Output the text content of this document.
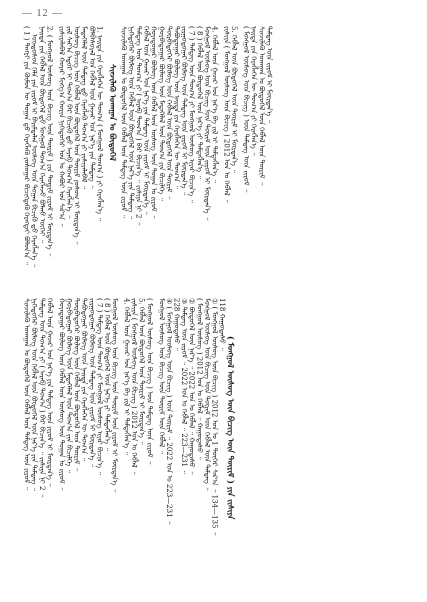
— 12 —
( 1 ) ᠲᠡᠩᠷᠢ ᠶᠢᠨ ᠬᠦᠮᠦᠨ ᠦ ᠲᠣᠭᠠᠨ ᠳ᠋ᠤ ᠬᠡᠷᠡᠭᠯᠡᠬᠦ ᠶᠣᠰᠣᠭᠠᠷ ᠪᠢᠴᠢᠭᠳᠡᠬᠦ ᠬᠡᠷᠡᠭᠲᠡᠢ ᠪᠣᠯᠤᠨ᠎ᠠ ᠃ ᠦᠨᠳᠦᠰᠦᠨ ᠬᠡᠯᠡ ᠶᠢᠨ ᠵᠢᠷᠤᠮ ᠢ ᠪᠠᠷᠢᠮᠳᠠᠯᠠᠨ ᠦᠰᠦᠭ ᠦᠨ ᠲᠣᠭᠠᠨ ᠪᠢᠴᠢᠬᠦ ᠳ᠋ᠦ ᠬᠡᠷᠡᠭᠯᠡᠨ᠎ᠡ ᠃ ᠨᠡᠢᠲᠡ ᠶᠢᠨ ᠬᠡᠪᠯᠡᠯ ᠦᠨ ᠪᠦᠲᠦᠭᠡᠯ ᠳ᠋ᠦ ᠮᠣᠩᠭᠣᠯ ᠲᠣᠭ᠎ᠠ ᠬᠡᠷᠡᠭᠯᠡᠵᠦ ᠪᠣᠯᠬᠤ ᠦᠭᠡᠢ ᠃ 2. ( ᠮᠣᠩᠭᠣᠯ ᠦᠰᠦᠭ ᠦᠨ ᠪᠢᠴᠢᠭ ᠦᠨ ᠳᠦᠷᠢᠮ ) ᠶᠢᠨ ᠳᠦᠷᠢᠮ ᠵᠢᠷᠤᠮ ᠢ ᠮᠥᠷᠳᠡᠨ᠎ᠡ ᠃ ᠵᠢᠱᠢᠶᠡᠯᠡᠪᠡᠯ ᠬᠣᠶᠠᠷ ᠮᠢᠩᠭ᠎ᠠ ᠬᠣᠷᠢᠨ ᠨᠢᠭᠡᠳᠦᠭᠡᠷ ᠣᠨ ᠤ ᠬᠠᠪᠤᠷ ᠤᠨ ᠰᠠᠷ᠎ᠠ ᠃ ᠵᠢᠯ ᠰᠠᠷ᠎ᠠ ᠡᠳᠦᠷ ᠢ ᠲᠣᠭ᠎ᠠ ᠪᠠᠷ ᠪᠢᠴᠢᠬᠦ ᠳ᠋ᠦ ᠠᠷᠠᠪ ᠲᠣᠭ᠎ᠠ ᠬᠡᠷᠡᠭᠯᠡᠨ᠎ᠡ ᠃ ᠦᠰᠦᠭ ᠪᠢᠴᠢᠭ ᠦᠨ ᠬᠡᠪᠯᠡᠯ ᠦᠨ ᠪᠦᠲᠦᠭᠡᠯ ᠦᠨ ᠳᠦᠷᠢᠮ ᠶᠣᠰᠣᠭ ᠢ ᠮᠥᠷᠳᠡᠨ᠎ᠡ ᠃ ᠮᠡᠳᠡᠭᠡᠯᠡᠯ ᠦᠨ ᠲᠡᠮᠳᠡᠭ ᠳ᠋ᠦ ᠬᠡᠷᠡᠭᠯᠡᠬᠦ ᠲᠣᠭ᠎ᠠ ᠶᠢ ᠵᠢᠱᠢᠶᠡᠯᠡᠪᠡᠯ ᠃ ᠪᠣᠯᠪᠠᠰᠤᠷᠠᠯ ᠤᠨ ᠬᠡᠪᠯᠡᠯ ᠦᠨ ᠭᠠᠵᠠᠷ ᠤᠨ ᠨᠡᠷ᠎ᠡ ᠶᠢᠨ ᠲᠡᠮᠳᠡᠭ ᠃ 1. ᠨᠡᠢᠲᠡ ᠶᠢᠨ ᠬᠡᠷᠡᠭᠯᠡᠭᠡᠨ ᠦ ᠲᠣᠭ᠎ᠠ ( ᠮᠣᠩᠭᠣᠯ ᠲᠣᠭ᠎ᠠ ) ᠶᠢ ᠬᠡᠷᠡᠭᠯᠡᠨ᠎ᠡ ᠃ ᠰᠢᠨᠵᠢᠯᠡᠬᠦ ᠤᠬᠠᠭᠠᠨ ᠤ ᠪᠦᠲᠦᠭᠡᠯ ᠰᠢᠨᠵᠢᠯᠡᠬᠦ ᠤᠬᠠᠭᠠᠨ ᠤ ᠪᠦᠲᠦᠭᠡᠯ ᠦᠨ ᠬᠡᠪᠯᠡᠯ ᠦᠨ ᠲᠡᠮᠳᠡᠭ ᠦᠨ ᠵᠢᠷᠤᠮ ᠃ ᠨᠢᠭᠡᠳᠦᠭᠡᠷ ᠪᠦᠯᠦᠭ ᠦᠨ ᠬᠡᠪᠯᠡᠯ ᠦᠨ ᠪᠦᠲᠦᠭᠡᠯ ᠦᠨ ᠨᠡᠷ᠎ᠡ ᠶᠢᠨ ᠲᠡᠮᠳᠡᠭ ᠃ ᠲᠡᠮᠳᠡᠭ ᠦᠨ ᠲᠣᠭ᠎ᠠ ᠶᠢ ( ᠠᠷᠠᠪ ᠲᠣᠭ᠎ᠠ ) ᠪᠠᠷ ᠪᠢᠴᠢᠨ᠎ᠡ ᠃ ᠵᠢᠱᠢᠶᠡ ᠨᠢ 2 ᠃ ᠬᠡᠪᠯᠡᠯ ᠦᠨ ᠭᠠᠵᠠᠷ ᠤᠨ ᠨᠡᠷ᠎ᠡ ᠶᠢᠨ ᠲᠡᠮᠳᠡᠭ ᠦᠨ ᠵᠢᠷᠤᠮ ᠢ ᠮᠥᠷᠳᠡᠨ᠎ᠡ ᠃ ᠬᠣᠶᠠᠳᠤᠭᠠᠷ ᠪᠦᠯᠦᠭ ᠦᠨ ᠬᠡᠪᠯᠡᠯ ᠦᠨ ᠦᠰᠦᠭ ᠦᠨ ᠲᠣᠭᠠᠨ ᠤ ᠵᠢᠷᠤᠮ ᠃ ᠭᠤᠷᠪᠠᠳᠤᠭᠠᠷ ᠪᠦᠯᠦᠭ ᠦᠨ ᠮᠡᠳᠡᠭᠡᠯᠡᠯ ᠦᠨ ᠲᠣᠭ᠎ᠠ ᠶᠢᠨ ᠪᠢᠴᠢᠯᠭᠡ ᠃ ᠳᠥᠷᠪᠡᠳᠦᠭᠡᠷ ᠪᠦᠯᠦᠭ ᠦᠨ ᠬᠡᠪᠯᠡᠯ ᠦᠨ ᠪᠦᠲᠦᠭᠡᠯ ᠦᠨ ᠳᠦᠷᠢᠮ ᠃ ᠲᠠᠪᠤᠳᠤᠭᠠᠷ ᠪᠦᠯᠦᠭ ᠦᠨ ᠨᠡᠢᠲᠡ ᠶᠢᠨ ᠬᠡᠷᠡᠭᠯᠡᠭᠡᠨ ᠦ ᠲᠣᠭ᠎ᠠ ᠃ ᠵᠢᠷᠭᠤᠳᠤᠭᠠᠷ ᠪᠦᠯᠦᠭ ᠦᠨ ᠲᠡᠮᠳᠡᠭ ᠦᠨ ᠵᠢᠷᠤᠮ ᠢ ᠮᠥᠷᠳᠡᠨ᠎ᠡ ᠃ ( 7 ) ᠲᠡᠮᠳᠡᠭ ᠦᠨ ᠲᠣᠭ᠎ᠠ ᠶᠢ ᠮᠣᠩᠭᠣᠯ ᠦᠰᠦᠭ ᠢᠶᠡᠷ ᠪᠢᠴᠢᠨ᠎ᠡ ᠃ ( 8 ) ᠬᠡᠪᠯᠡᠯ ᠦᠨ ᠪᠦᠲᠦᠭᠡᠯ ᠦᠨ ᠨᠡᠷ᠎ᠡ ᠶᠢ ᠲᠡᠮᠳᠡᠭᠯᠡᠨ᠎ᠡ ᠃ ᠮᠣᠩᠭᠣᠯ ᠦᠰᠦᠭ ᠦᠨ ᠪᠢᠴᠢᠭ ᠦᠨ ᠳᠦᠷᠢᠮ ᠦᠨ ᠵᠢᠷᠤᠮ ᠢ ᠮᠥᠷᠳᠡᠨ᠎ᠡ ᠃ 4. ᠬᠡᠪᠯᠡᠯ ᠦᠨ ᠭᠠᠵᠠᠷ ᠤᠨ ᠨᠡᠷ᠎ᠡ ᠪᠠ ᠵᠢᠯ ᠢ ᠲᠡᠮᠳᠡᠭᠯᠡᠨ᠎ᠡ ᠃ ᠵᠢᠱᠢᠶᠡ ( ᠮᠣᠩᠭᠣᠯ ᠦᠰᠦᠭ ᠦᠨ ᠪᠢᠴᠢᠭ ) 2012 ᠣᠨ ᠤ ᠬᠡᠪᠯᠡᠯ ᠃ 5. ᠬᠡᠪᠯᠡᠯ ᠦᠨ ᠪᠦᠲᠦᠭᠡᠯ ᠦᠨ ᠳᠦᠷᠢᠮ ᠢ ᠮᠥᠷᠳᠡᠨ᠎ᠡ ᠃ ( ᠮᠣᠩᠭᠣᠯ ᠦᠰᠦᠭ ᠦᠨ ᠪᠢᠴᠢᠭ ) ᠦᠨ ᠲᠡᠮᠳᠡᠭ ᠦᠨ ᠵᠢᠷᠤᠮ ᠃ ᠨᠡᠢᠲᠡ ᠶᠢᠨ ᠬᠡᠷᠡᠭᠯᠡᠭᠡᠨ ᠦ ᠲᠣᠭ᠎ᠠ ᠶᠢ ᠬᠡᠷᠡᠭᠯᠡᠨ᠎ᠡ ᠃ ᠰᠢᠨᠵᠢᠯᠡᠬᠦ ᠤᠬᠠᠭᠠᠨ ᠤ ᠪᠦᠲᠦᠭᠡᠯ ᠦᠨ ᠬᠡᠪᠯᠡᠯ ᠦᠨ ᠳᠦᠷᠢᠮ ᠃ ᠲᠡᠮᠳᠡᠭ ᠦᠨ ᠵᠢᠷᠤᠮ ᠢ ᠮᠥᠷᠳᠡᠨ᠎ᠡ ᠃
ᠰᠢᠨᠵᠢᠯᠡᠬᠦ ᠤᠬᠠᠭᠠᠨ ᠤ ᠪᠦᠲᠦᠭᠡᠯ ᠦᠨ ᠬᠡᠪᠯᠡᠯ ᠦᠨ ᠲᠡᠮᠳᠡᠭ ᠦᠨ ᠵᠢᠷᠤᠮ ᠃ ᠨᠢᠭᠡᠳᠦᠭᠡᠷ ᠪᠦᠯᠦᠭ ᠦᠨ ᠬᠡᠪᠯᠡᠯ ᠦᠨ ᠪᠦᠲᠦᠭᠡᠯ ᠦᠨ ᠨᠡᠷ᠎ᠡ ᠶᠢᠨ ᠲᠡᠮᠳᠡᠭ ᠃ ᠲᠡᠮᠳᠡᠭ ᠦᠨ ᠲᠣᠭ᠎ᠠ ᠶᠢ ( ᠠᠷᠠᠪ ᠲᠣᠭ᠎ᠠ ) ᠪᠠᠷ ᠪᠢᠴᠢᠨ᠎ᠡ ᠃ ᠵᠢᠱᠢᠶᠡ ᠨᠢ 2 ᠃ ᠬᠡᠪᠯᠡᠯ ᠦᠨ ᠭᠠᠵᠠᠷ ᠤᠨ ᠨᠡᠷ᠎ᠡ ᠶᠢᠨ ᠲᠡᠮᠳᠡᠭ ᠦᠨ ᠵᠢᠷᠤᠮ ᠢ ᠮᠥᠷᠳᠡᠨ᠎ᠡ ᠃ ᠬᠣᠶᠠᠳᠤᠭᠠᠷ ᠪᠦᠯᠦᠭ ᠦᠨ ᠬᠡᠪᠯᠡᠯ ᠦᠨ ᠦᠰᠦᠭ ᠦᠨ ᠲᠣᠭᠠᠨ ᠤ ᠵᠢᠷᠤᠮ ᠃ ᠭᠤᠷᠪᠠᠳᠤᠭᠠᠷ ᠪᠦᠯᠦᠭ ᠦᠨ ᠮᠡᠳᠡᠭᠡᠯᠡᠯ ᠦᠨ ᠲᠣᠭ᠎ᠠ ᠶᠢᠨ ᠪᠢᠴᠢᠯᠭᠡ ᠃ ᠳᠥᠷᠪᠡᠳᠦᠭᠡᠷ ᠪᠦᠯᠦᠭ ᠦᠨ ᠬᠡᠪᠯᠡᠯ ᠦᠨ ᠪᠦᠲᠦᠭᠡᠯ ᠦᠨ ᠳᠦᠷᠢᠮ ᠃ ᠲᠠᠪᠤᠳᠤᠭᠠᠷ ᠪᠦᠯᠦᠭ ᠦᠨ ᠨᠡᠢᠲᠡ ᠶᠢᠨ ᠬᠡᠷᠡᠭᠯᠡᠭᠡᠨ ᠦ ᠲᠣᠭ᠎ᠠ ᠃ ᠵᠢᠷᠭᠤᠳᠤᠭᠠᠷ ᠪᠦᠯᠦᠭ ᠦᠨ ᠲᠡᠮᠳᠡᠭ ᠦᠨ ᠵᠢᠷᠤᠮ ᠢ ᠮᠥᠷᠳᠡᠨ᠎ᠡ ᠃ ( 7 ) ᠲᠡᠮᠳᠡᠭ ᠦᠨ ᠲᠣᠭ᠎ᠠ ᠶᠢ ᠮᠣᠩᠭᠣᠯ ᠦᠰᠦᠭ ᠢᠶᠡᠷ ᠪᠢᠴᠢᠨ᠎ᠡ ᠃ ( 8 ) ᠬᠡᠪᠯᠡᠯ ᠦᠨ ᠪᠦᠲᠦᠭᠡᠯ ᠦᠨ ᠨᠡᠷ᠎ᠡ ᠶᠢ ᠲᠡᠮᠳᠡᠭᠯᠡᠨ᠎ᠡ ᠃ ᠮᠣᠩᠭᠣᠯ ᠦᠰᠦᠭ ᠦᠨ ᠪᠢᠴᠢᠭ ᠦᠨ ᠳᠦᠷᠢᠮ ᠦᠨ ᠵᠢᠷᠤᠮ ᠢ ᠮᠥᠷᠳᠡᠨ᠎ᠡ ᠃ 4. ᠬᠡᠪᠯᠡᠯ ᠦᠨ ᠭᠠᠵᠠᠷ ᠤᠨ ᠨᠡᠷ᠎ᠡ ᠪᠠ ᠵᠢᠯ ᠢ ᠲᠡᠮᠳᠡᠭᠯᠡᠨ᠎ᠡ ᠃ ᠵᠢᠱᠢᠶᠡ ( ᠮᠣᠩᠭᠣᠯ ᠦᠰᠦᠭ ᠦᠨ ᠪᠢᠴᠢᠭ ) 2012 ᠣᠨ ᠤ ᠬᠡᠪᠯᠡᠯ ᠃ 5. ᠬᠡᠪᠯᠡᠯ ᠦᠨ ᠪᠦᠲᠦᠭᠡᠯ ᠦᠨ ᠳᠦᠷᠢᠮ ᠢ ᠮᠥᠷᠳᠡᠨ᠎ᠡ ᠃ ( ᠮᠣᠩᠭᠣᠯ ᠦᠰᠦᠭ ᠦᠨ ᠪᠢᠴᠢᠭ ) ᠦᠨ ᠲᠡᠮᠳᠡᠭ ᠦᠨ ᠵᠢᠷᠤᠮ ᠃ ᠮᠣᠩᠭᠣᠯ ᠦᠰᠦᠭ ᠦᠨ ᠪᠢᠴᠢᠭ ᠦᠨ ᠳᠦᠷᠢᠮ ᠦᠨ ᠬᠡᠪᠯᠡᠯ ᠃ ④ ( ᠮᠣᠩᠭᠣᠯ ᠦᠰᠦᠭ ᠦᠨ ᠪᠢᠴᠢᠭ ) ᠦᠨ ᠳᠦᠷᠢᠮ ᠃ 2022 ᠣᠨ ᠤ 223—231 ᠃ 228 ᠬᠠᠭᠤᠳᠠᠰᠤ ᠃ ③ ᠲᠡᠮᠳᠡᠭ ᠦᠨ ᠵᠢᠷᠤᠮ ᠃ 2022 ᠣᠨ ᠤ ᠬᠡᠪᠯᠡᠯ ᠃ 223—231 ᠃ ② ᠪᠦᠲᠦᠭᠡᠯ ᠦᠨ ᠨᠡᠷ᠎ᠡ ᠃ 2022 ᠣᠨ ᠤ ᠬᠡᠪᠯᠡᠯ ᠃ ᠬᠠᠭᠤᠳᠠᠰᠤ ᠃ ( ᠮᠣᠩᠭᠣᠯ ᠦᠰᠦᠭ ) 2012 ᠣᠨ ᠤ ᠬᠡᠪᠯᠡᠯ ᠃ ᠬᠠᠭᠤᠳᠠᠰᠤ ᠃ ᠮᠣᠩᠭᠣᠯ ᠦᠰᠦᠭ ᠦᠨ ᠪᠢᠴᠢᠭ ᠦᠨ ᠳᠦᠷᠢᠮ ᠦᠨ ᠬᠡᠪᠯᠡᠯ ᠦᠨ ᠲᠡᠮᠳᠡᠭ ᠃ ① ( ᠮᠣᠩᠭᠣᠯ ᠦᠰᠦᠭ ᠦᠨ ᠪᠢᠴᠢᠭ ) 2012 ᠣᠨ ᠤ 1 ᠳᠦᠭᠡᠷ ᠰᠠᠷ᠎ᠠ ᠃ 134—135 ᠃ 118 ᠬᠠᠭᠤᠳᠠᠰᠤ ᠃
( ᠮᠣᠩᠭᠣᠯ ᠦᠰᠦᠭ ᠦᠨ ᠪᠢᠴᠢᠭ ᠦᠨ ᠳᠦᠷᠢᠮ ) ᠶᠢᠨ ᠵᠢᠱᠢᠶᠡ
